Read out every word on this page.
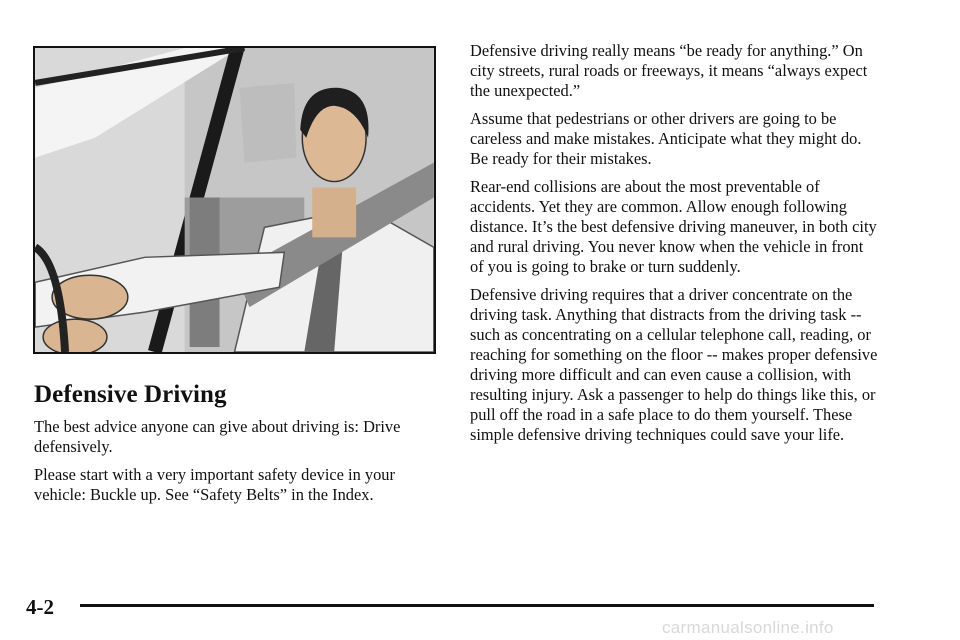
Defensive Driving

The best advice anyone can give about driving is: Drive defensively.

Please start with a very important safety device in your vehicle: Buckle up. See “Safety Belts” in the Index.

Defensive driving really means “be ready for anything.” On city streets, rural roads or freeways, it means “always expect the unexpected.”

Assume that pedestrians or other drivers are going to be careless and make mistakes. Anticipate what they might do. Be ready for their mistakes.

Rear-end collisions are about the most preventable of accidents. Yet they are common. Allow enough following distance. It’s the best defensive driving maneuver, in both city and rural driving. You never know when the vehicle in front of you is going to brake or turn suddenly.

Defensive driving requires that a driver concentrate on the driving task. Anything that distracts from the driving task -- such as concentrating on a cellular telephone call, reading, or reaching for something on the floor -- makes proper defensive driving more difficult and can even cause a collision, with resulting injury. Ask a passenger to help do things like this, or pull off the road in a safe place to do them yourself. These simple defensive driving techniques could save your life.

4-2
carmanualsonline.info
